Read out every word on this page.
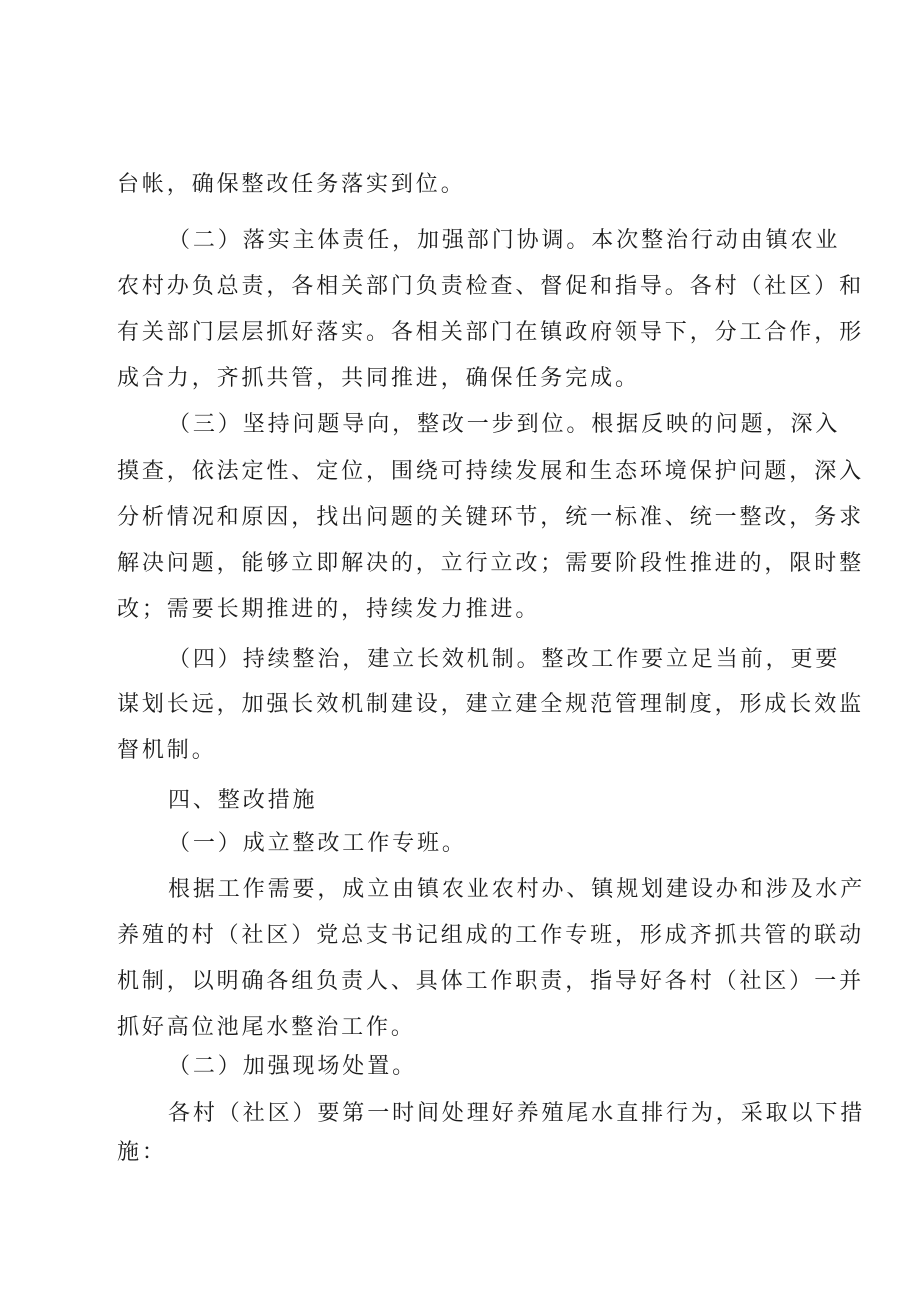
台帐，确保整改任务落实到位。

（二）落实主体责任，加强部门协调。本次整治行动由镇农业

农村办负总责，各相关部门负责检查、督促和指导。各村（社区）和

有关部门层层抓好落实。各相关部门在镇政府领导下，分工合作，形

成合力，齐抓共管，共同推进，确保任务完成。

（三）坚持问题导向，整改一步到位。根据反映的问题，深入

摸查，依法定性、定位，围绕可持续发展和生态环境保护问题，深入

分析情况和原因，找出问题的关键环节，统一标准、统一整改，务求

解决问题，能够立即解决的，立行立改；需要阶段性推进的，限时整

改；需要长期推进的，持续发力推进。

（四）持续整治，建立长效机制。整改工作要立足当前，更要

谋划长远，加强长效机制建设，建立建全规范管理制度，形成长效监

督机制。

四、整改措施

（一）成立整改工作专班。

根据工作需要，成立由镇农业农村办、镇规划建设办和涉及水产

养殖的村（社区）党总支书记组成的工作专班，形成齐抓共管的联动

机制，以明确各组负责人、具体工作职责，指导好各村（社区）一并

抓好高位池尾水整治工作。

（二）加强现场处置。

各村（社区）要第一时间处理好养殖尾水直排行为，采取以下措

施：
